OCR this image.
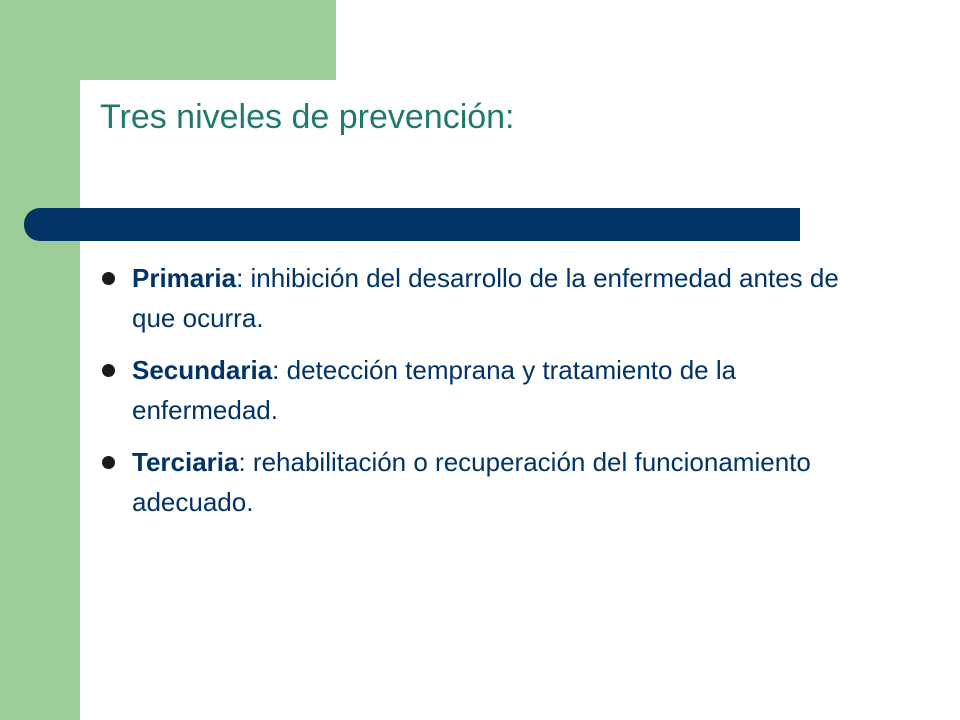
Tres niveles de prevención:
Primaria: inhibición del desarrollo de la enfermedad antes de que ocurra.
Secundaria: detección temprana y tratamiento de la enfermedad.
Terciaria: rehabilitación o recuperación del funcionamiento adecuado.
